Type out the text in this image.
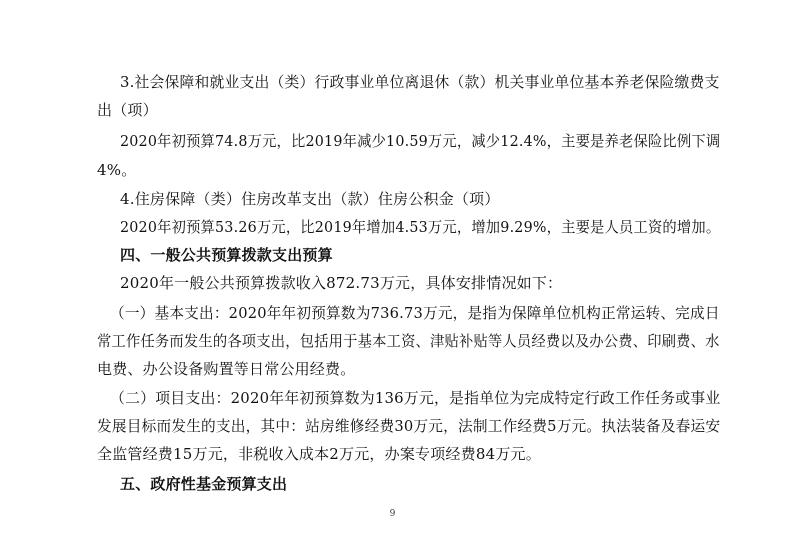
3.社会保障和就业支出（类）行政事业单位离退休（款）机关事业单位基本养老保险缴费支
出（项）
2020年初预算74.8万元，比2019年减少10.59万元，减少12.4%，主要是养老保险比例下调
4%。
4.住房保障（类）住房改革支出（款）住房公积金（项）
2020年初预算53.26万元，比2019年增加4.53万元，增加9.29%，主要是人员工资的增加。
四、一般公共预算拨款支出预算
2020年一般公共预算拨款收入872.73万元，具体安排情况如下：
（一）基本支出：2020年年初预算数为736.73万元，是指为保障单位机构正常运转、完成日
常工作任务而发生的各项支出，包括用于基本工资、津贴补贴等人员经费以及办公费、印刷费、水
电费、办公设备购置等日常公用经费。
（二）项目支出：2020年年初预算数为136万元，是指单位为完成特定行政工作任务或事业
发展目标而发生的支出，其中：站房维修经费30万元，法制工作经费5万元。执法装备及春运安
全监管经费15万元，非税收入成本2万元，办案专项经费84万元。
五、政府性基金预算支出
9
